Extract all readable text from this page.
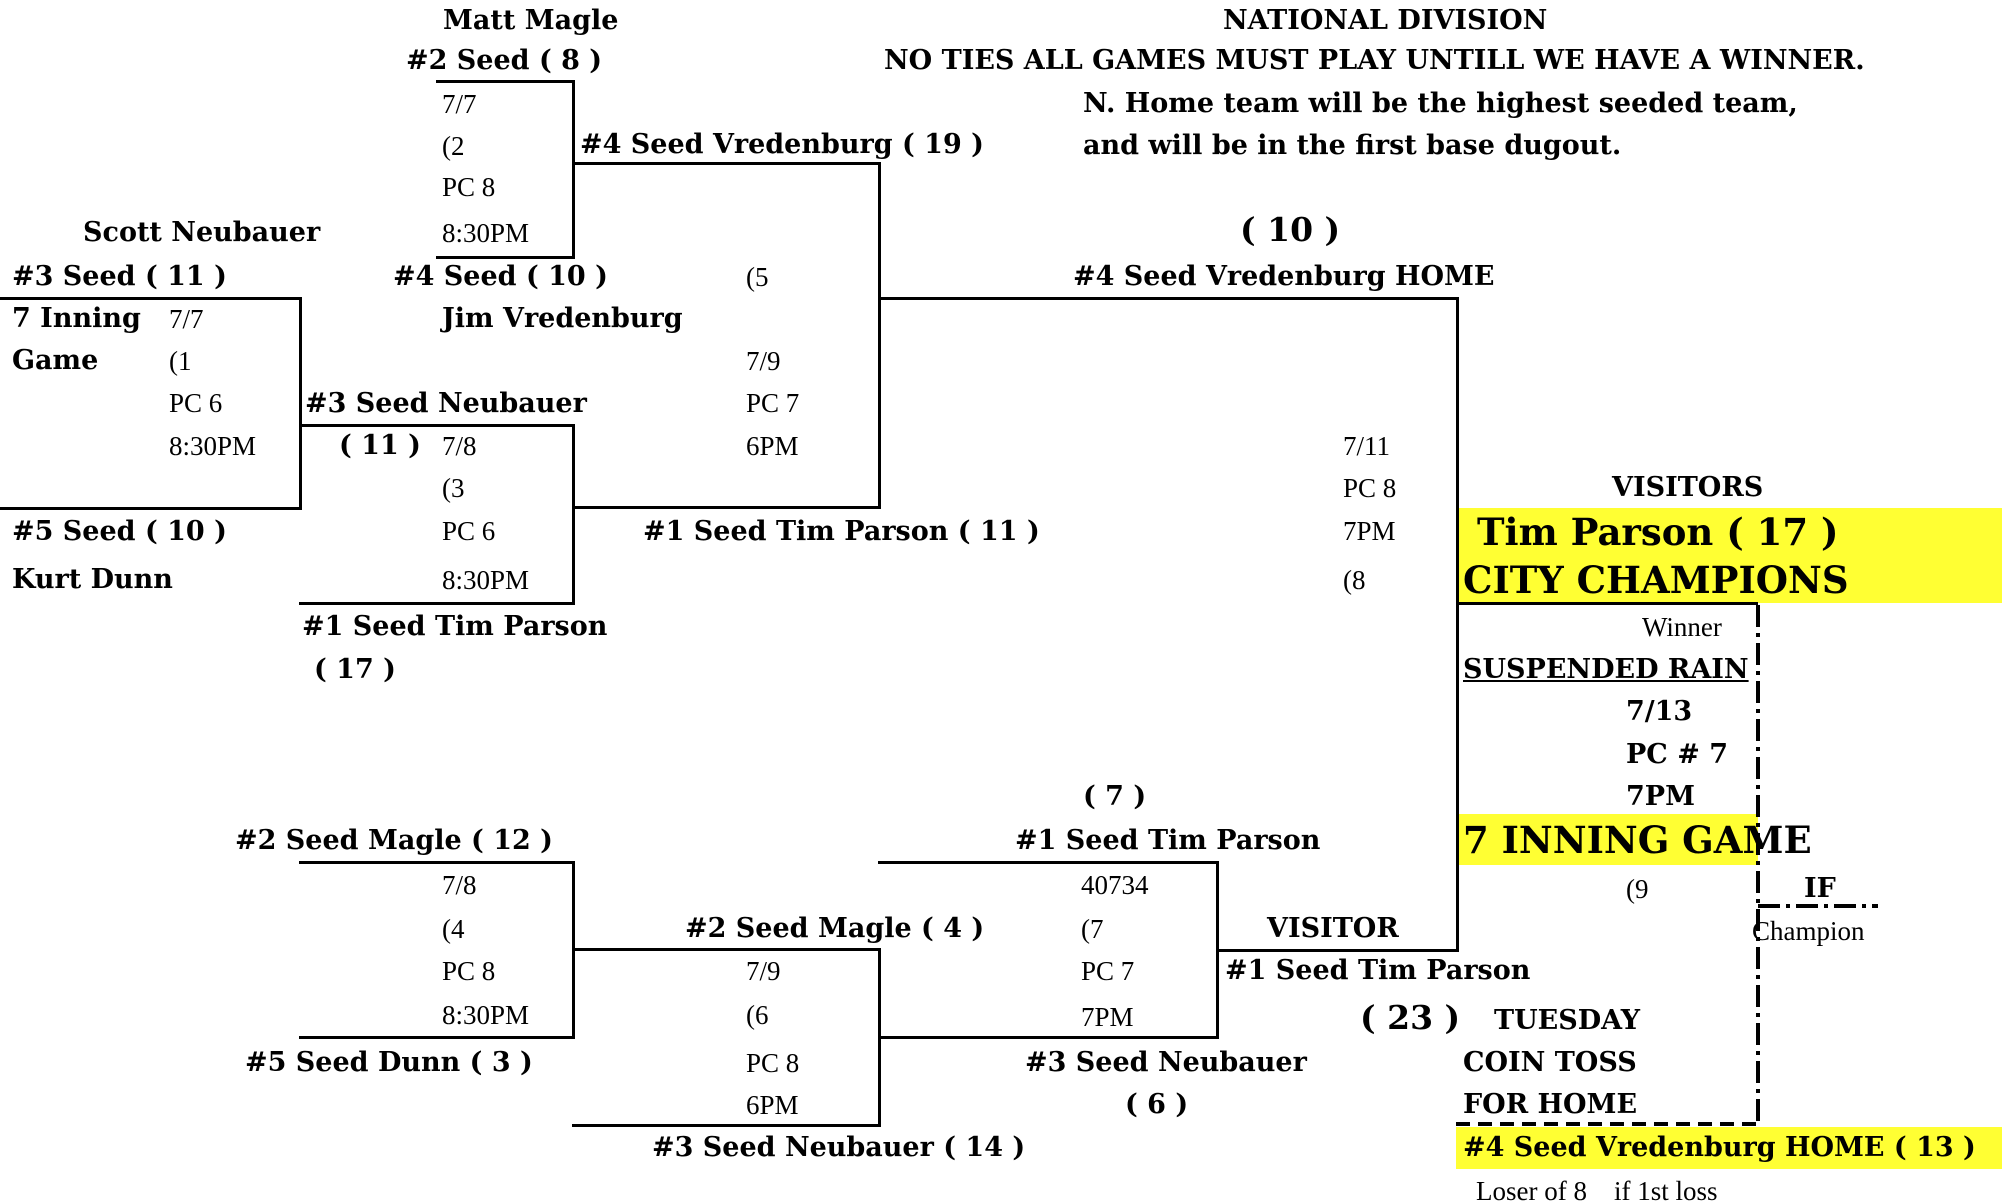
NATIONAL DIVISION
NO TIES ALL GAMES MUST PLAY UNTILL WE HAVE A WINNER.
N. Home team will be the highest seeded team,
and will be in the first base dugout.
Scott Neubauer
#3 Seed ( 11 )
7 Inning
Game
7/7
(1
PC 6
8:30PM
#5 Seed ( 10 )
Kurt Dunn
Matt Magle
#2 Seed ( 8 )
7/7
(2
PC 8
8:30PM
#4 Seed ( 10 )
Jim Vredenburg
#3 Seed Neubauer
( 11 ) 7/8
(3
PC 6
8:30PM
#1 Seed Tim Parson
( 17 )
#4 Seed Vredenburg ( 19 )
(5
7/9
PC 7
6PM
#1 Seed Tim Parson ( 11 )
( 10 )
#4 Seed Vredenburg HOME
7/11
PC 8
7PM
(8
VISITORS
Tim Parson ( 17 )
CITY CHAMPIONS
Winner
SUSPENDED RAIN
7/13
PC # 7
7PM
7 INNING GAME
(9	IF
Champion
TUESDAY
COIN TOSS
FOR HOME
#4 Seed Vredenburg HOME ( 13 )
Loser of 8    if 1st loss
#2 Seed Magle ( 12 )
7/8
(4
PC 8
8:30PM
#5 Seed Dunn ( 3 )
#2 Seed Magle ( 4 )
7/9
(6
PC 8
6PM
#3 Seed Neubauer ( 14 )
( 7 )
#1 Seed Tim Parson
40734
(7
PC 7
7PM
#3 Seed Neubauer
( 6 )
VISITOR
#1 Seed Tim Parson
( 23 )
